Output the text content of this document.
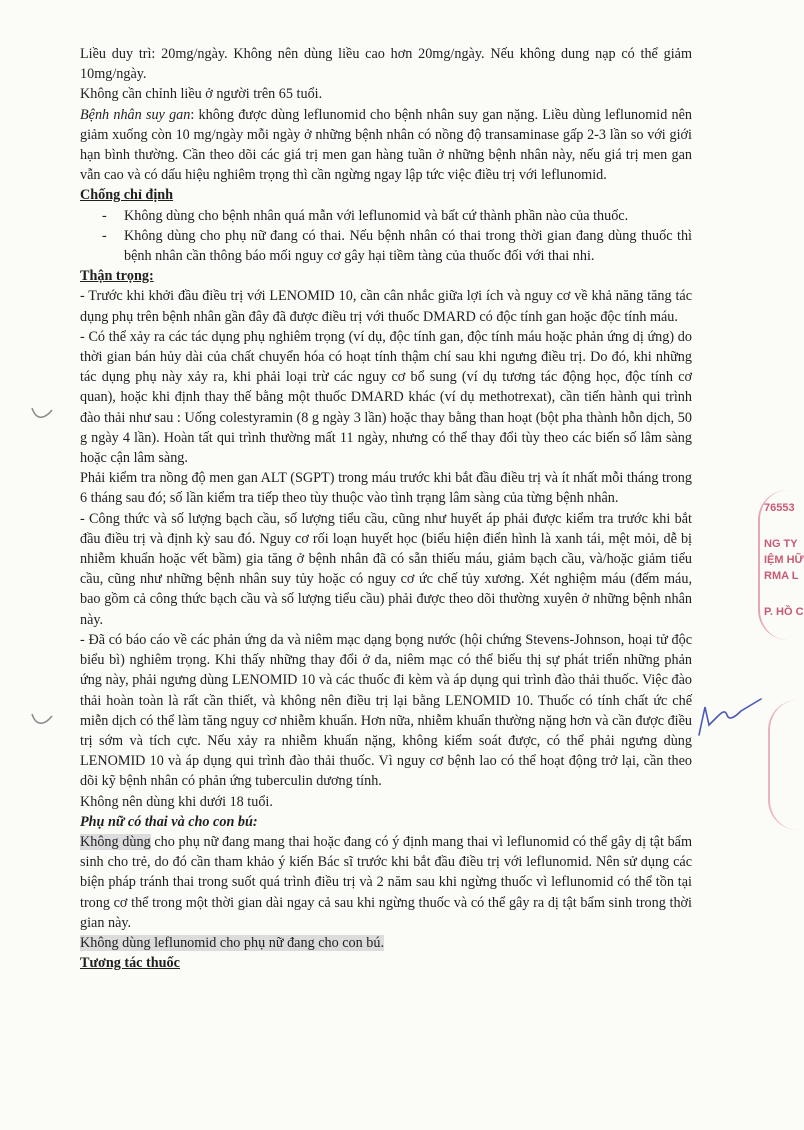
Liều duy trì: 20mg/ngày. Không nên dùng liều cao hơn 20mg/ngày. Nếu không dung nạp có thể giảm 10mg/ngày.

Không cần chỉnh liều ở người trên 65 tuổi.

Bệnh nhân suy gan: không được dùng leflunomid cho bệnh nhân suy gan nặng. Liều dùng leflunomid nên giảm xuống còn 10 mg/ngày mỗi ngày ở những bệnh nhân có nồng độ transaminase gấp 2-3 lần so với giới hạn bình thường. Cần theo dõi các giá trị men gan hàng tuần ở những bệnh nhân này, nếu giá trị men gan vẫn cao và có dấu hiệu nghiêm trọng thì cần ngừng ngay lập tức việc điều trị với leflunomid.

Chống chỉ định

- Không dùng cho bệnh nhân quá mẫn với leflunomid và bất cứ thành phần nào của thuốc.
- Không dùng cho phụ nữ đang có thai. Nếu bệnh nhân có thai trong thời gian đang dùng thuốc thì bệnh nhân cần thông báo mối nguy cơ gây hại tiềm tàng của thuốc đối với thai nhi.

Thận trọng:

- Trước khi khởi đầu điều trị với LENOMID 10, cần cân nhắc giữa lợi ích và nguy cơ về khả năng tăng tác dụng phụ trên bệnh nhân gần đây đã được điều trị với thuốc DMARD có độc tính gan hoặc độc tính máu.

- Có thể xảy ra các tác dụng phụ nghiêm trọng (ví dụ, độc tính gan, độc tính máu hoặc phản ứng dị ứng) do thời gian bán hủy dài của chất chuyển hóa có hoạt tính thậm chí sau khi ngưng điều trị. Do đó, khi những tác dụng phụ này xảy ra, khi phải loại trừ các nguy cơ bổ sung (ví dụ tương tác động học, độc tính cơ quan), hoặc khi định thay thế bằng một thuốc DMARD khác (ví dụ methotrexat), cần tiến hành qui trình đào thải như sau : Uống colestyramin (8 g ngày 3 lần) hoặc thay bằng than hoạt (bột pha thành hỗn dịch, 50 g ngày 4 lần). Hoàn tất qui trình thường mất 11 ngày, nhưng có thể thay đổi tùy theo các biến số lâm sàng hoặc cận lâm sàng.

Phải kiểm tra nồng độ men gan ALT (SGPT) trong máu trước khi bắt đầu điều trị và ít nhất mỗi tháng trong 6 tháng sau đó; số lần kiểm tra tiếp theo tùy thuộc vào tình trạng lâm sàng của từng bệnh nhân.

- Công thức và số lượng bạch cầu, số lượng tiểu cầu, cũng như huyết áp phải được kiểm tra trước khi bắt đầu điều trị và định kỳ sau đó. Nguy cơ rối loạn huyết học (biểu hiện điển hình là xanh tái, mệt mỏi, dễ bị nhiễm khuẩn hoặc vết bầm) gia tăng ở bệnh nhân đã có sẵn thiếu máu, giảm bạch cầu, và/hoặc giảm tiểu cầu, cũng như những bệnh nhân suy tủy hoặc có nguy cơ ức chế tủy xương. Xét nghiệm máu (đếm máu, bao gồm cả công thức bạch cầu và số lượng tiểu cầu) phải được theo dõi thường xuyên ở những bệnh nhân này.

- Đã có báo cáo về các phản ứng da và niêm mạc dạng bọng nước (hội chứng Stevens-Johnson, hoại tử độc biểu bì) nghiêm trọng. Khi thấy những thay đổi ở da, niêm mạc có thể biểu thị sự phát triển những phản ứng này, phải ngưng dùng LENOMID 10 và các thuốc đi kèm và áp dụng qui trình đào thải thuốc. Việc đào thải hoàn toàn là rất cần thiết, và không nên điều trị lại bằng LENOMID 10. Thuốc có tính chất ức chế miễn dịch có thể làm tăng nguy cơ nhiễm khuẩn. Hơn nữa, nhiễm khuẩn thường nặng hơn và cần được điều trị sớm và tích cực. Nếu xảy ra nhiễm khuẩn nặng, không kiểm soát được, có thể phải ngưng dùng LENOMID 10 và áp dụng qui trình đào thải thuốc. Vì nguy cơ bệnh lao có thể hoạt động trở lại, cần theo dõi kỹ bệnh nhân có phản ứng tuberculin dương tính.

Không nên dùng khi dưới 18 tuổi.

Phụ nữ có thai và cho con bú:

Không dùng cho phụ nữ đang mang thai hoặc đang có ý định mang thai vì leflunomid có thể gây dị tật bẩm sinh cho trẻ, do đó cần tham khảo ý kiến Bác sĩ trước khi bắt đầu điều trị với leflunomid. Nên sử dụng các biện pháp tránh thai trong suốt quá trình điều trị và 2 năm sau khi ngừng thuốc vì leflunomid có thể tồn tại trong cơ thể trong một thời gian dài ngay cả sau khi ngừng thuốc và có thể gây ra dị tật bẩm sinh trong thời gian này.

Không dùng leflunomid cho phụ nữ đang cho con bú.

Tương tác thuốc

76553
NG TY
IỆM HỮ
RMA L
P. HỒ C
